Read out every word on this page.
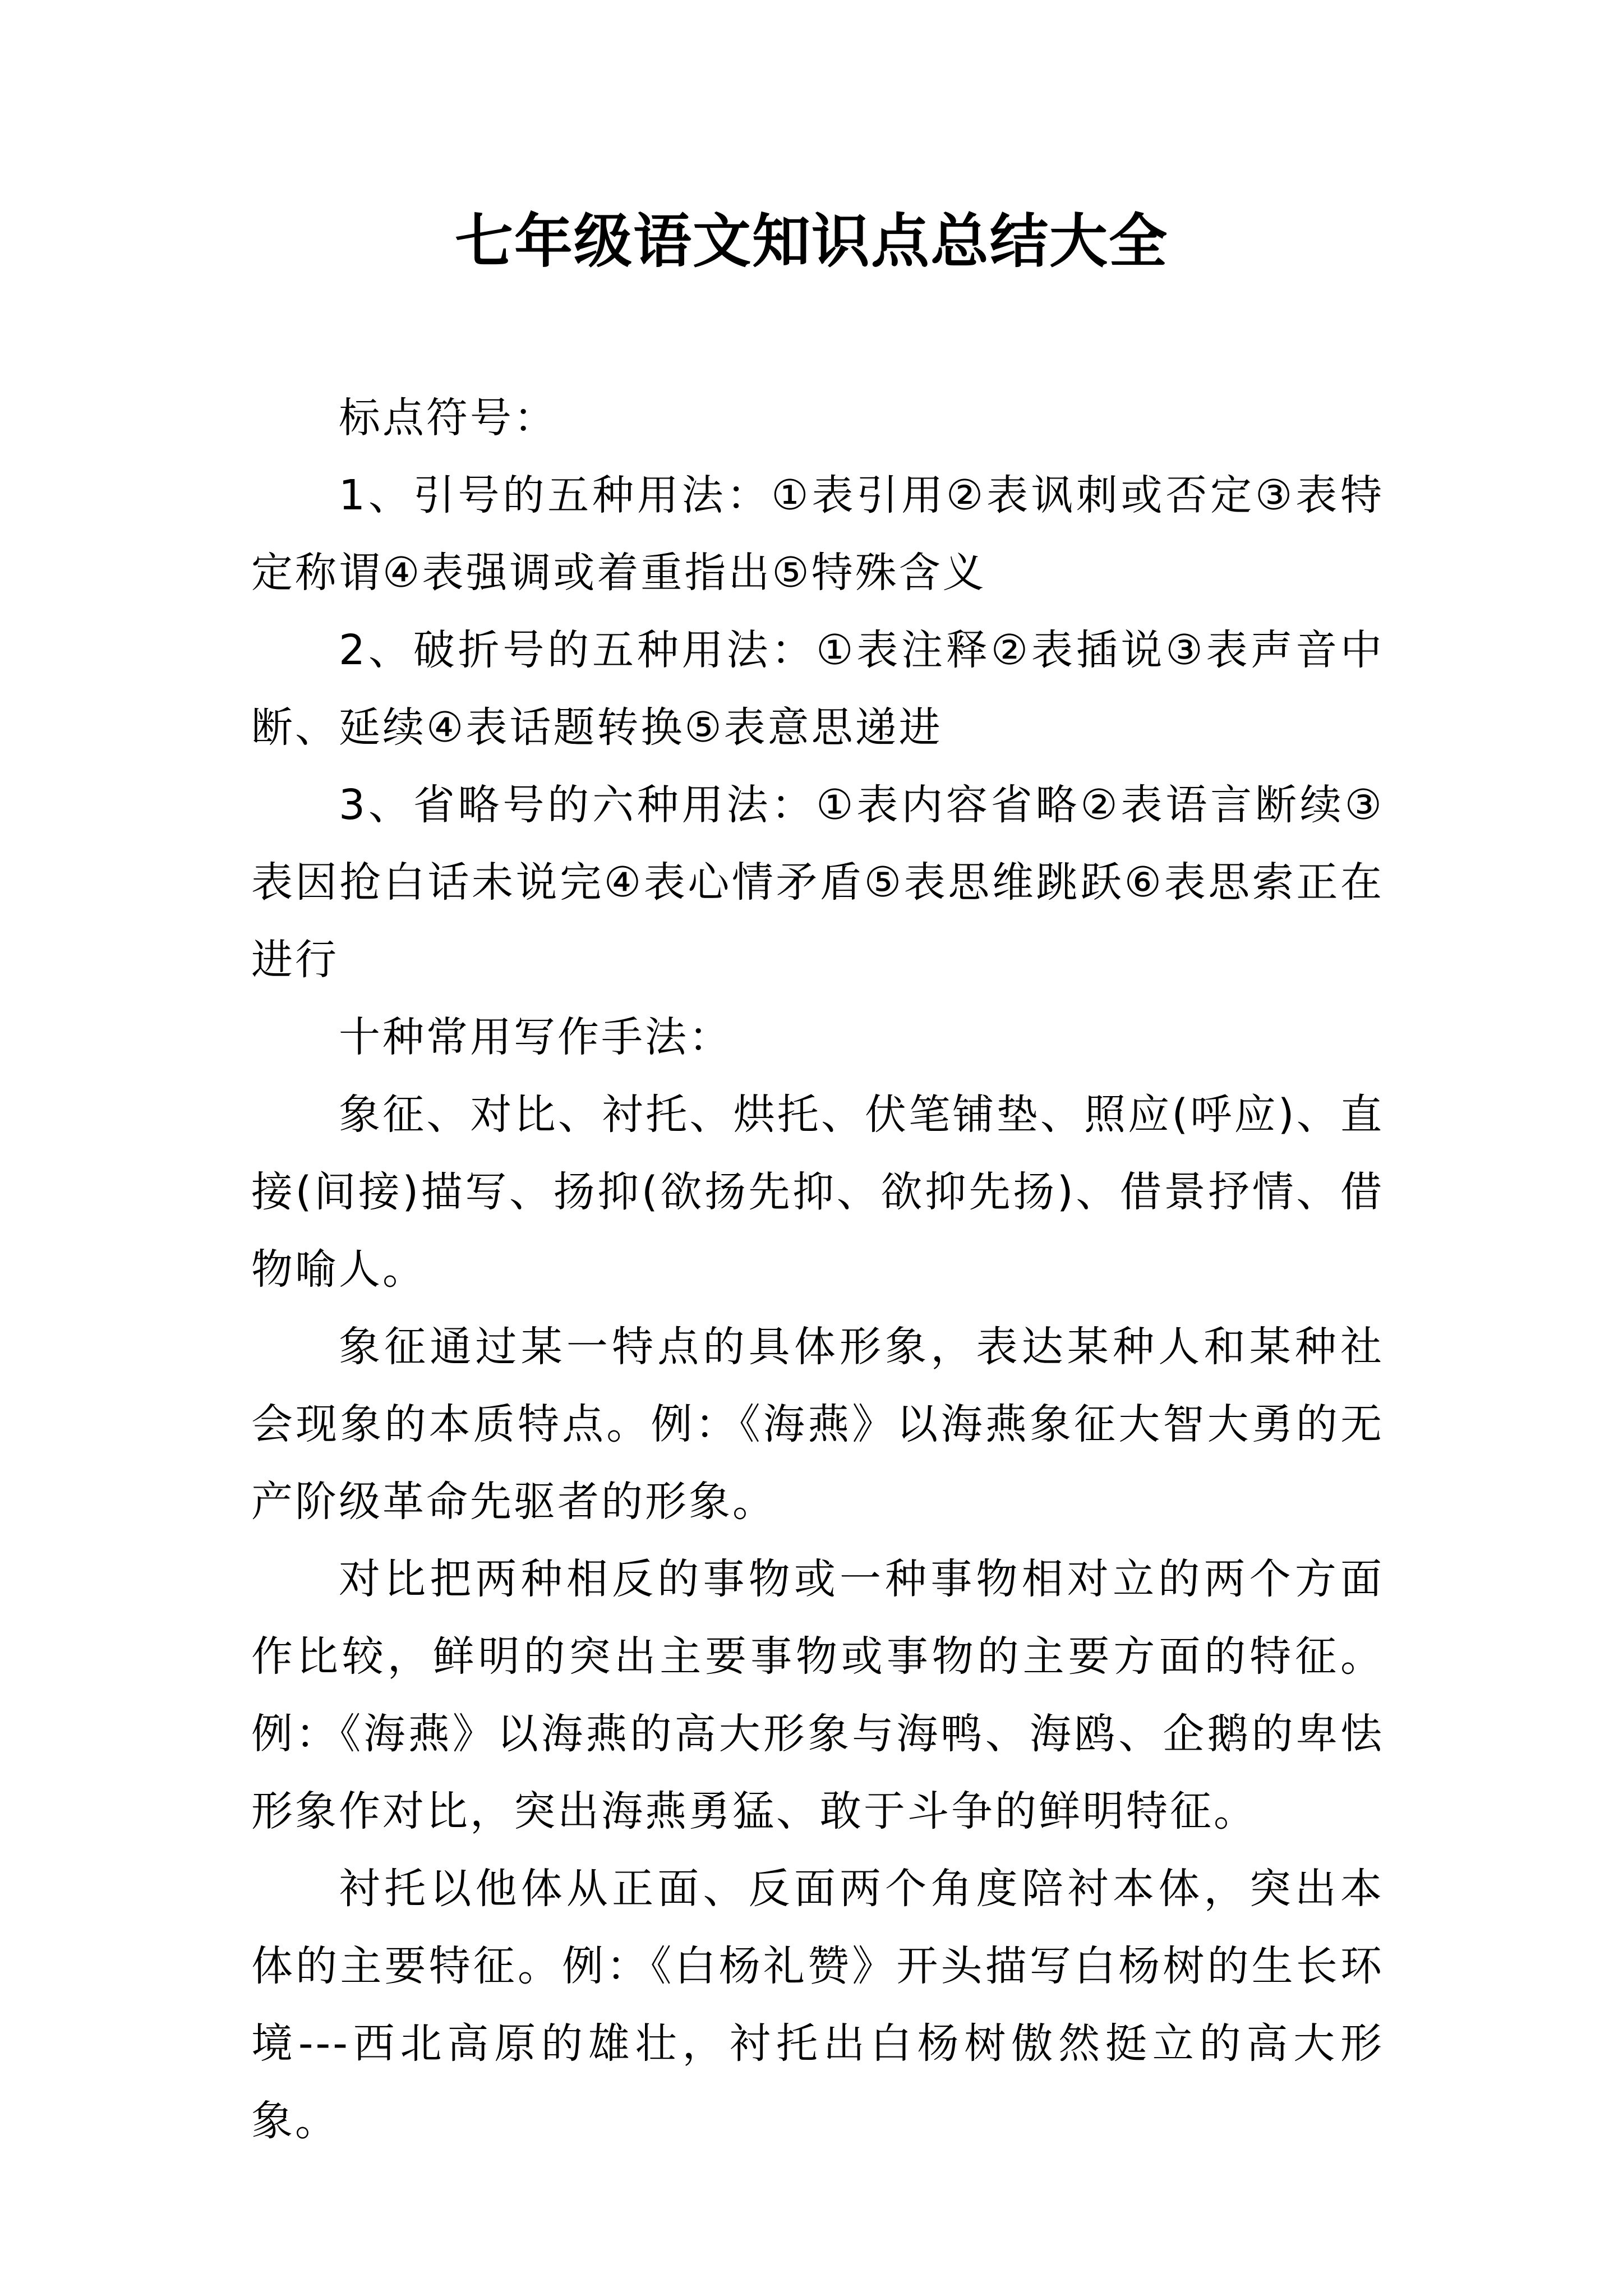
七年级语文知识点总结大全

标点符号：

1、引号的五种用法：①表引用②表讽刺或否定③表特定称谓④表强调或着重指出⑤特殊含义

2、破折号的五种用法：①表注释②表插说③表声音中断、延续④表话题转换⑤表意思递进

3、省略号的六种用法：①表内容省略②表语言断续③表因抢白话未说完④表心情矛盾⑤表思维跳跃⑥表思索正在进行

十种常用写作手法：

象征、对比、衬托、烘托、伏笔铺垫、照应(呼应)、直接(间接)描写、扬抑(欲扬先抑、欲抑先扬)、借景抒情、借物喻人。

象征通过某一特点的具体形象，表达某种人和某种社会现象的本质特点。例：《海燕》以海燕象征大智大勇的无产阶级革命先驱者的形象。

对比把两种相反的事物或一种事物相对立的两个方面作比较，鲜明的突出主要事物或事物的主要方面的特征。例：《海燕》以海燕的高大形象与海鸭、海鸥、企鹅的卑怯形象作对比，突出海燕勇猛、敢于斗争的鲜明特征。

衬托以他体从正面、反面两个角度陪衬本体，突出本体的主要特征。例：《白杨礼赞》开头描写白杨树的生长环境---西北高原的雄壮，衬托出白杨树傲然挺立的高大形象。
